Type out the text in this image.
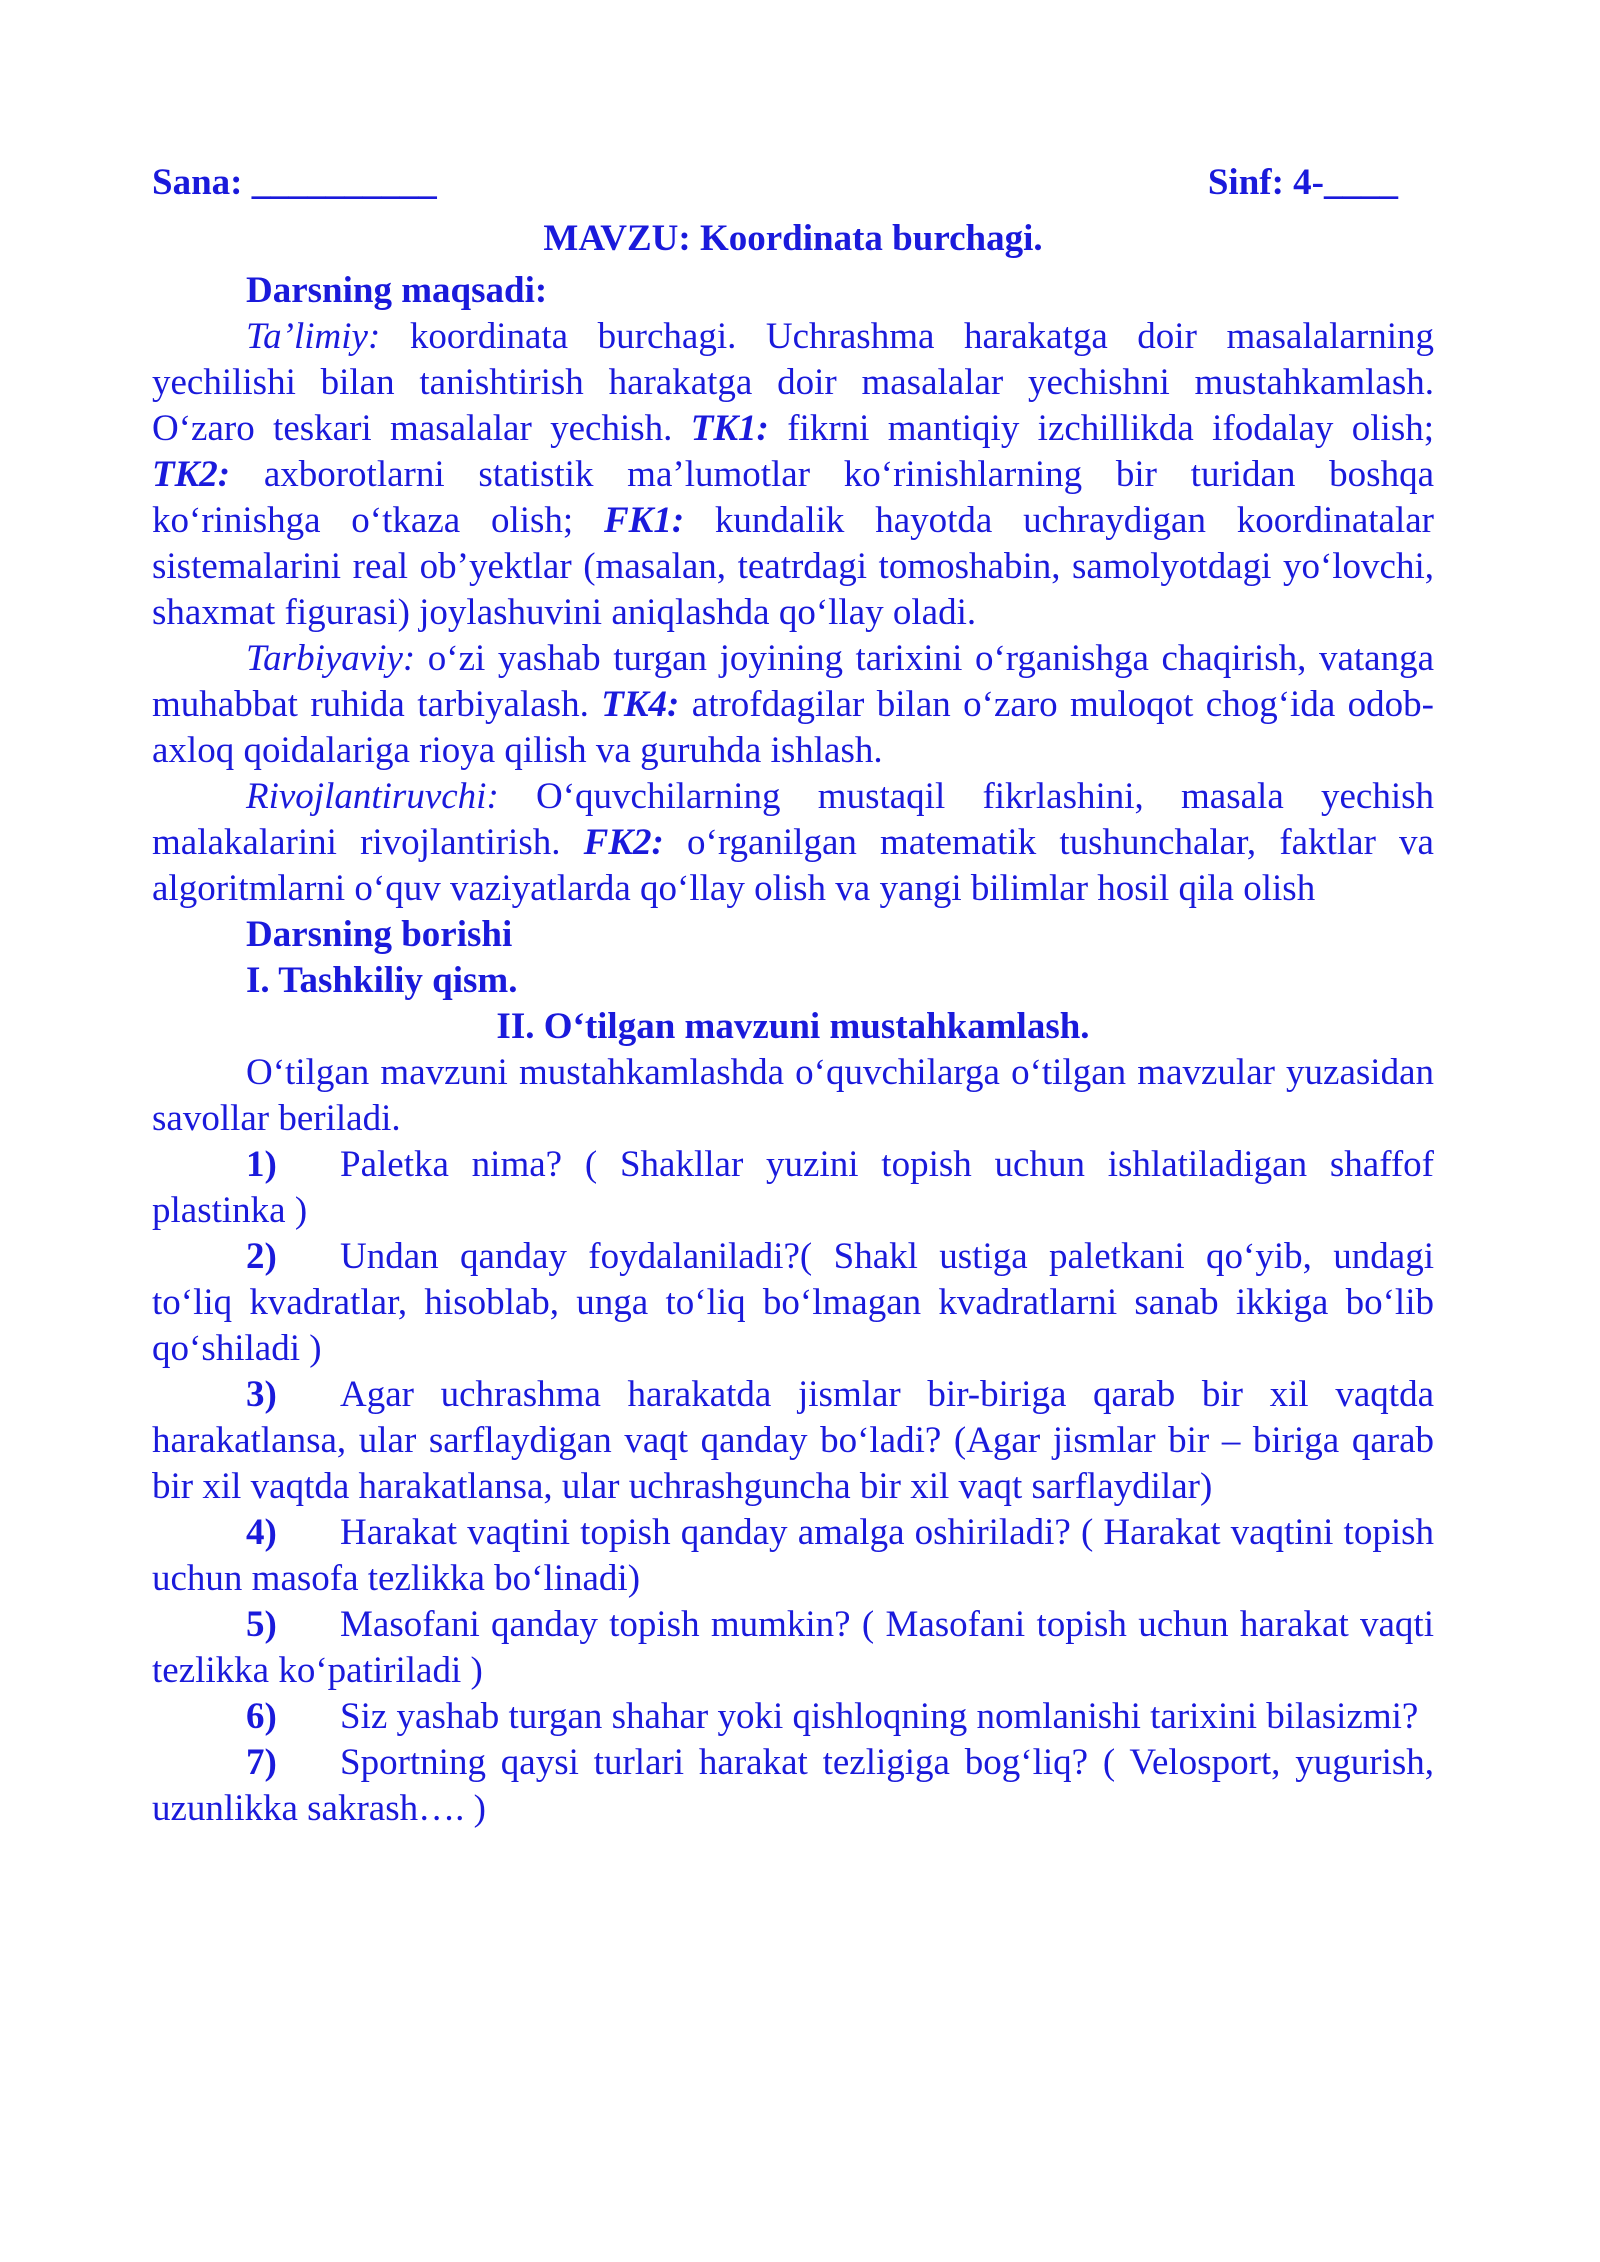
Sana: __________	Sinf: 4-____
MAVZU: Koordinata burchagi.
Darsning maqsadi:

Ta’limiy: koordinata burchagi. Uchrashma harakatga doir masalalarning yechilishi bilan tanishtirish harakatga doir masalalar yechishni mustahkamlash. O‘zaro teskari masalalar yechish. TK1: fikrni mantiqiy izchillikda ifodalay olish; TK2: axborotlarni statistik ma’lumotlar ko‘rinishlarning bir turidan boshqa ko‘rinishga o‘tkaza olish; FK1: kundalik hayotda uchraydigan koordinatalar sistemalarini real ob’yektlar (masalan, teatrdagi tomoshabin, samolyotdagi yo‘lovchi, shaxmat figurasi) joylashuvini aniqlashda qo‘llay oladi.

Tarbiyaviy: o‘zi yashab turgan joyining tarixini o‘rganishga chaqirish, vatanga muhabbat ruhida tarbiyalash. TK4: atrofdagilar bilan o‘zaro muloqot chog‘ida odob-axloq qoidalariga rioya qilish va guruhda ishlash.

Rivojlantiruvchi: O‘quvchilarning mustaqil fikrlashini, masala yechish malakalarini rivojlantirish. FK2: o‘rganilgan matematik tushunchalar, faktlar va algoritmlarni o‘quv vaziyatlarda qo‘llay olish va yangi bilimlar hosil qila olish

Darsning borishi
I. Tashkiliy qism.
II. O‘tilgan mavzuni mustahkamlash.

O‘tilgan mavzuni mustahkamlashda o‘quvchilarga o‘tilgan mavzular yuzasidan savollar beriladi.

1) Paletka nima? ( Shakllar yuzini topish uchun ishlatiladigan shaffof plastinka )

2) Undan qanday foydalaniladi?( Shakl ustiga paletkani qo‘yib, undagi to‘liq kvadratlar, hisoblab, unga to‘liq bo‘lmagan kvadratlarni sanab ikkiga bo‘lib qo‘shiladi )

3) Agar uchrashma harakatda jismlar bir-biriga qarab bir xil vaqtda harakatlansa, ular sarflaydigan vaqt qanday bo‘ladi? (Agar jismlar bir – biriga qarab bir xil vaqtda harakatlansa, ular uchrashguncha bir xil vaqt sarflaydilar)

4) Harakat vaqtini topish qanday amalga oshiriladi? ( Harakat vaqtini topish uchun masofa tezlikka bo‘linadi)

5) Masofani qanday topish mumkin? ( Masofani topish uchun harakat vaqti tezlikka ko‘patiriladi )

6) Siz yashab turgan shahar yoki qishloqning nomlanishi tarixini bilasizmi?

7) Sportning qaysi turlari harakat tezligiga bog‘liq? ( Velosport, yugurish, uzunlikka sakrash…. )
